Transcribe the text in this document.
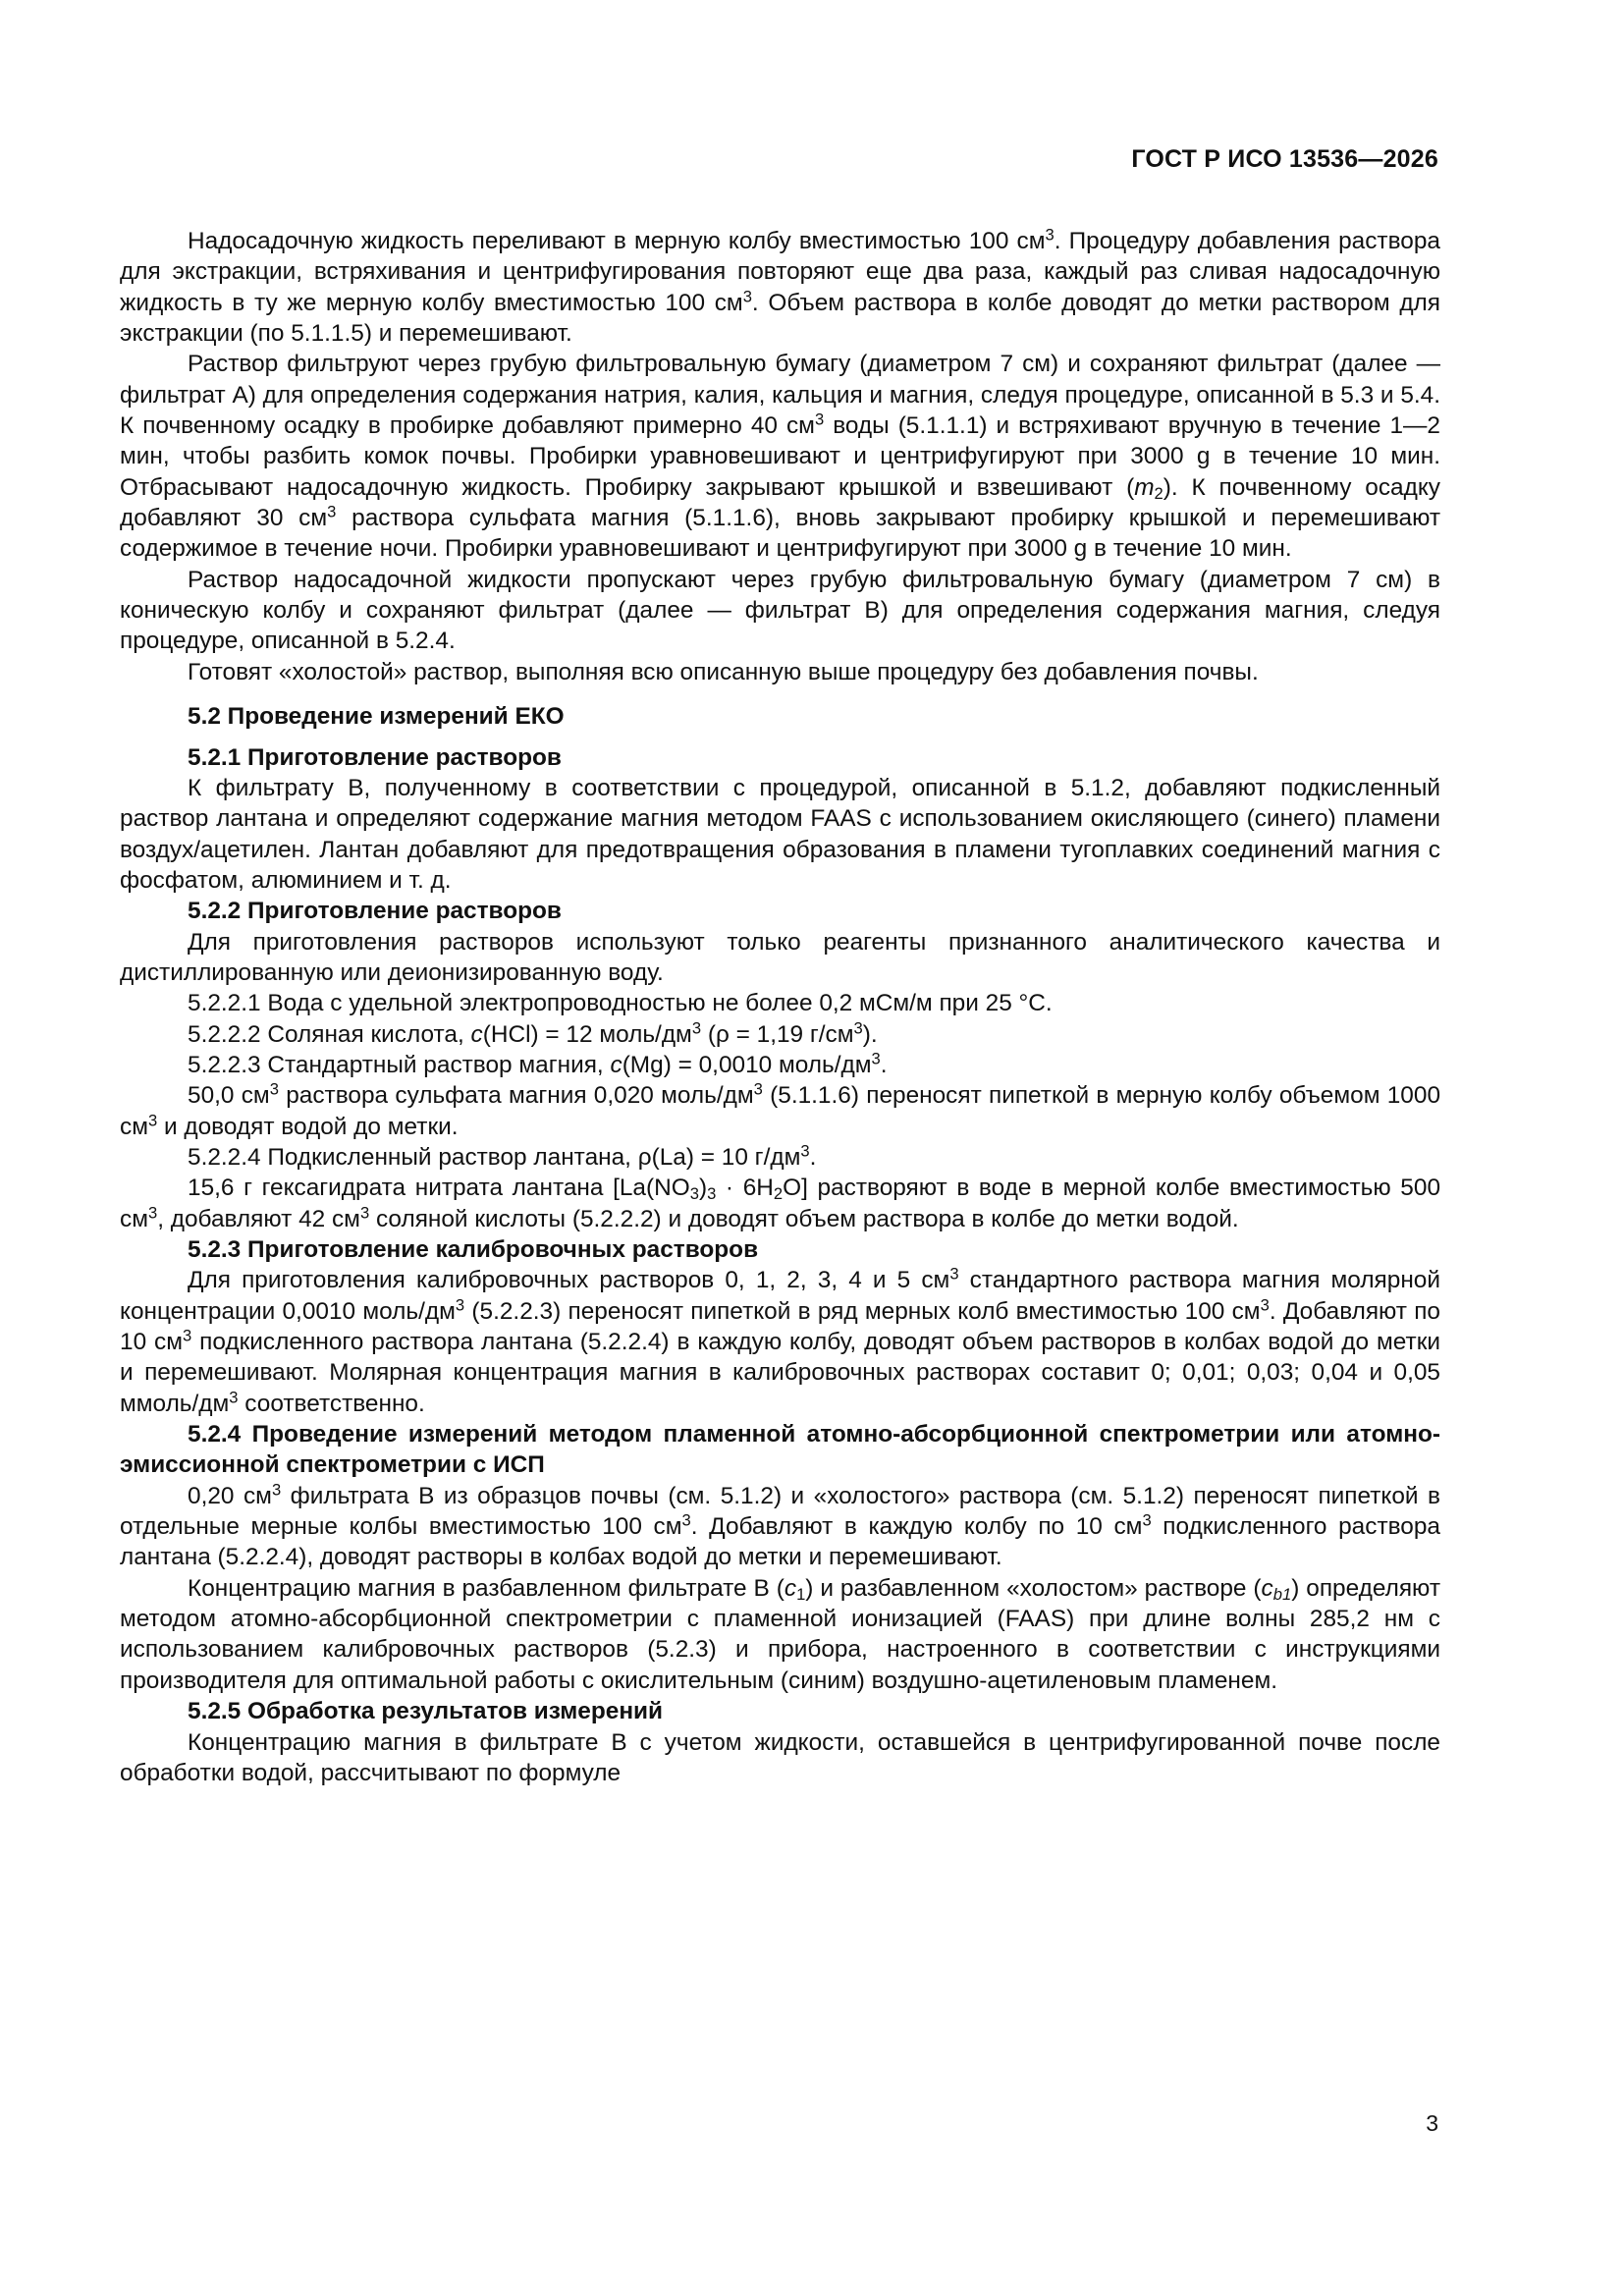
ГОСТ Р ИСО 13536—2026

Надосадочную жидкость переливают в мерную колбу вместимостью 100 $см^3$. Процедуру добавления раствора для экстракции, встряхивания и центрифугирования повторяют еще два раза, каждый раз сливая надосадочную жидкость в ту же мерную колбу вместимостью 100 $см^3$. Объем раствора в колбе доводят до метки раствором для экстракции (по 5.1.1.5) и перемешивают.

Раствор фильтруют через грубую фильтровальную бумагу (диаметром 7 см) и сохраняют фильтрат (далее — фильтрат А) для определения содержания натрия, калия, кальция и магния, следуя процедуре, описанной в 5.3 и 5.4. К почвенному осадку в пробирке добавляют примерно 40 $см^3$ воды (5.1.1.1) и встряхивают вручную в течение 1—2 мин, чтобы разбить комок почвы. Пробирки уравновешивают и центрифугируют при 3000 g в течение 10 мин. Отбрасывают надосадочную жидкость. Пробирку закрывают крышкой и взвешивают $(m_2)$. К почвенному осадку добавляют 30 $см^3$ раствора сульфата магния (5.1.1.6), вновь закрывают пробирку крышкой и перемешивают содержимое в течение ночи. Пробирки уравновешивают и центрифугируют при 3000 g в течение 10 мин.

Раствор надосадочной жидкости пропускают через грубую фильтровальную бумагу (диаметром 7 см) в коническую колбу и сохраняют фильтрат (далее — фильтрат В) для определения содержания магния, следуя процедуре, описанной в 5.2.4.

Готовят «холостой» раствор, выполняя всю описанную выше процедуру без добавления почвы.

5.2 Проведение измерений ЕКО
5.2.1 Приготовление растворов

К фильтрату В, полученному в соответствии с процедурой, описанной в 5.1.2, добавляют подкисленный раствор лантана и определяют содержание магния методом FAAS с использованием окисляющего (синего) пламени воздух/ацетилен. Лантан добавляют для предотвращения образования в пламени тугоплавких соединений магния с фосфатом, алюминием и т. д.

5.2.2 Приготовление растворов

Для приготовления растворов используют только реагенты признанного аналитического качества и дистиллированную или деионизированную воду.

5.2.2.1 Вода с удельной электропроводностью не более 0,2 мСм/м при 25 °С.

5.2.2.2 Соляная кислота, c(HCl) = 12 моль/$дм^3$ (ρ = 1,19 $г/см^3$).

5.2.2.3 Стандартный раствор магния, c(Mg) = 0,0010 моль/$дм^3$.

50,0 $см^3$ раствора сульфата магния 0,020 моль/$дм^3$ (5.1.1.6) переносят пипеткой в мерную колбу объемом 1000 $см^3$ и доводят водой до метки.

5.2.2.4 Подкисленный раствор лантана, ρ(La) = 10 $г/дм^3$.

15,6 г гексагидрата нитрата лантана $[La(NO_3)_3 \cdot 6H_2O]$ растворяют в воде в мерной колбе вместимостью 500 $см^3$, добавляют 42 $см^3$ соляной кислоты (5.2.2.2) и доводят объем раствора в колбе до метки водой.

5.2.3 Приготовление калибровочных растворов

Для приготовления калибровочных растворов 0, 1, 2, 3, 4 и 5 $см^3$ стандартного раствора магния молярной концентрации 0,0010 моль/$дм^3$ (5.2.2.3) переносят пипеткой в ряд мерных колб вместимостью 100 $см^3$. Добавляют по 10 $см^3$ подкисленного раствора лантана (5.2.2.4) в каждую колбу, доводят объем растворов в колбах водой до метки и перемешивают. Молярная концентрация магния в калибровочных растворах составит 0; 0,01; 0,03; 0,04 и 0,05 ммоль/$дм^3$ соответственно.

5.2.4 Проведение измерений методом пламенной атомно-абсорбционной спектрометрии или атомно-эмиссионной спектрометрии с ИСП

0,20 $см^3$ фильтрата В из образцов почвы (см. 5.1.2) и «холостого» раствора (см. 5.1.2) переносят пипеткой в отдельные мерные колбы вместимостью 100 $см^3$. Добавляют в каждую колбу по 10 $см^3$ подкисленного раствора лантана (5.2.2.4), доводят растворы в колбах водой до метки и перемешивают.

Концентрацию магния в разбавленном фильтрате В $(c_1)$ и разбавленном «холостом» растворе $(c_{b1})$ определяют методом атомно-абсорбционной спектрометрии с пламенной ионизацией (FAAS) при длине волны 285,2 нм с использованием калибровочных растворов (5.2.3) и прибора, настроенного в соответствии с инструкциями производителя для оптимальной работы с окислительным (синим) воздушно-ацетиленовым пламенем.

5.2.5 Обработка результатов измерений

Концентрацию магния в фильтрате В с учетом жидкости, оставшейся в центрифугированной почве после обработки водой, рассчитывают по формуле

3
